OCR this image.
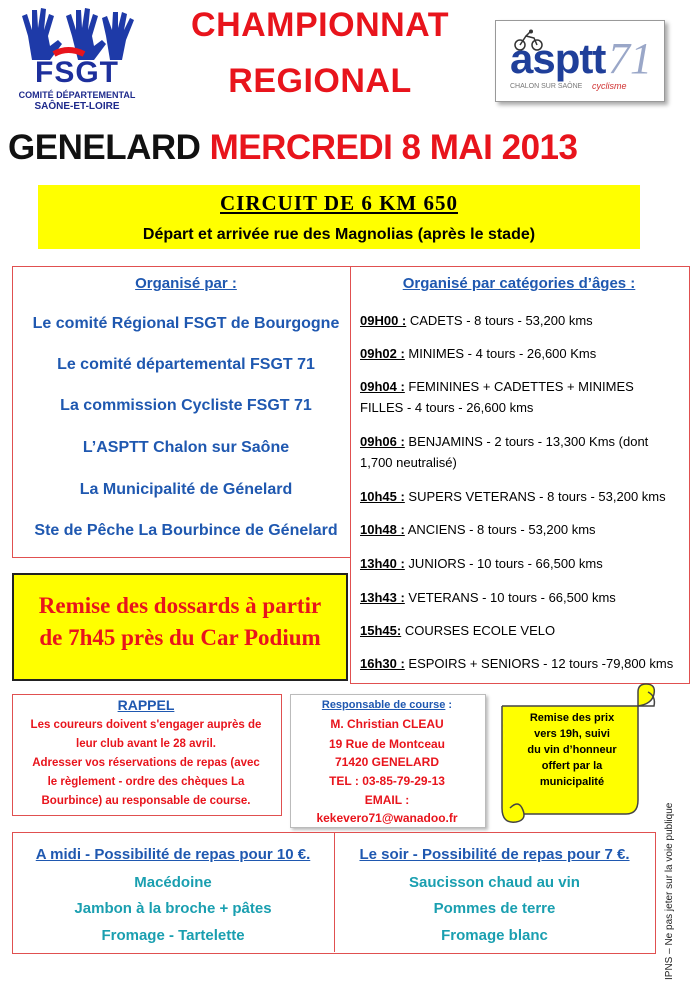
FSGT
COMITÉ DÉPARTEMENTAL
SAÔNE-ET-LOIRE
CHAMPIONNAT
REGIONAL	asptt 71
CHALON SUR SAÔNE cyclisme
GENELARD MERCREDI 8 MAI 2013
CIRCUIT DE 6 KM 650
Départ et arrivée rue des Magnolias (après le stade)
Organisé par :
Le comité Régional FSGT de Bourgogne
Le comité départemental FSGT 71
La commission Cycliste FSGT 71
L’ASPTT Chalon sur Saône
La Municipalité de Génelard
Ste de Pêche La Bourbince de Génelard
Organisé par catégories d’âges :
09H00 : CADETS - 8 tours - 53,200 kms
09h02 : MINIMES - 4 tours - 26,600 Kms
09h04 : FEMININES + CADETTES + MINIMES FILLES - 4 tours - 26,600 kms
09h06 : BENJAMINS - 2 tours - 13,300 Kms (dont 1,700 neutralisé)
10h45 : SUPERS VETERANS - 8 tours - 53,200 kms
10h48 : ANCIENS - 8 tours - 53,200 kms
13h40 : JUNIORS - 10 tours - 66,500 kms
13h43 : VETERANS - 10 tours - 66,500 kms
15h45: COURSES ECOLE VELO
16h30 : ESPOIRS + SENIORS - 12 tours -79,800 kms
Remise des dossards à partir
de 7h45 près du Car Podium
RAPPEL
Les coureurs doivent s'engager auprès de
leur club avant le 28 avril.
Adresser vos réservations de repas (avec
le règlement - ordre des chèques La
Bourbince) au responsable de course.
Responsable de course :
M. Christian CLEAU
19 Rue de Montceau
71420 GENELARD
TEL : 03-85-79-29-13
EMAIL :
kekevero71@wanadoo.fr
Remise des prix
vers 19h, suivi
du vin d’honneur
offert par la
municipalité
A midi - Possibilité de repas pour 10 €.
Macédoine
Jambon à la broche + pâtes
Fromage - Tartelette
Le soir - Possibilité de repas pour 7 €.
Saucisson chaud au vin
Pommes de terre
Fromage blanc	IPNS – Ne pas jeter sur la voie publique
